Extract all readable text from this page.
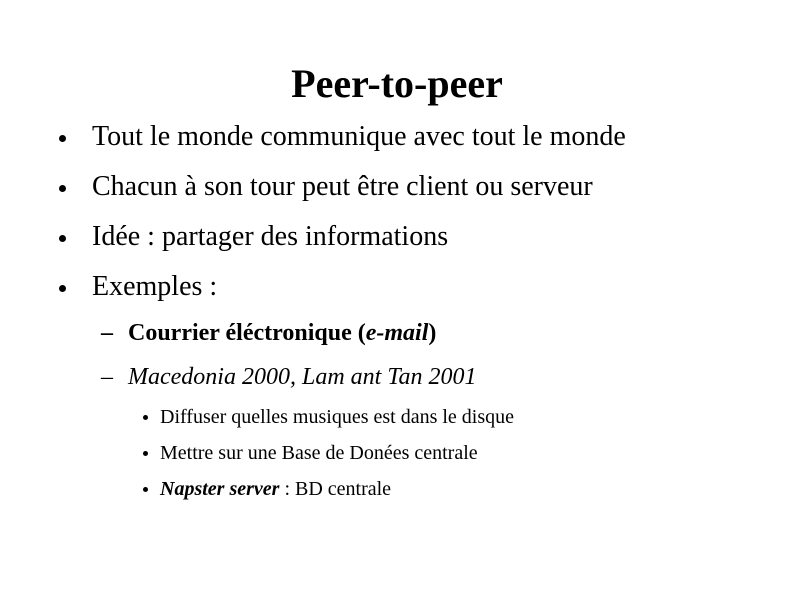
Peer-to-peer
Tout le monde communique avec tout le monde
Chacun à son tour peut être client ou serveur
Idée : partager des informations
Exemples :
– Courrier éléctronique (e-mail)
– Macedonia 2000, Lam ant Tan 2001
Diffuser quelles musiques est dans le disque
Mettre sur une Base de Donées centrale
Napster server : BD centrale
